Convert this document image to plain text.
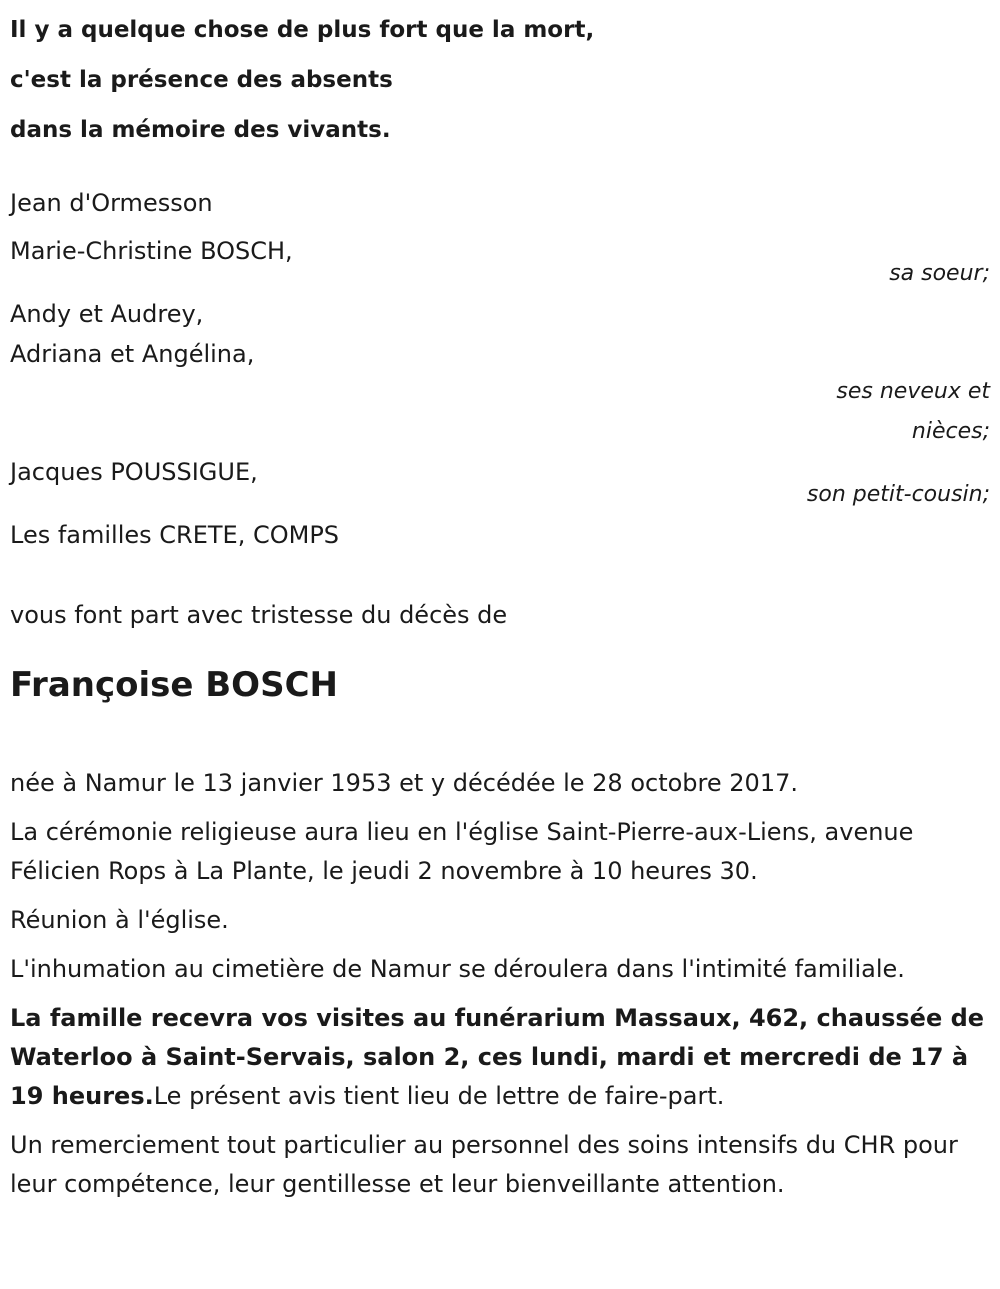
Il y a quelque chose de plus fort que la mort,
c'est la présence des absents
dans la mémoire des vivants.
Jean d'Ormesson
Marie-Christine BOSCH,
sa soeur;
Andy et Audrey,
Adriana et Angélina,
ses neveux et
nièces;
Jacques POUSSIGUE,
son petit-cousin;
Les familles CRETE, COMPS
vous font part avec tristesse du décès de
Françoise BOSCH
née à Namur le 13 janvier 1953 et y décédée le 28 octobre 2017.
La cérémonie religieuse aura lieu en l'église Saint-Pierre-aux-Liens, avenue Félicien Rops à La Plante, le jeudi 2 novembre à 10 heures 30.
Réunion à l'église.
L'inhumation au cimetière de Namur se déroulera dans l'intimité familiale.
La famille recevra vos visites au funérarium Massaux, 462, chaussée de Waterloo à Saint-Servais, salon 2, ces lundi, mardi et mercredi de 17 à 19 heures.Le présent avis tient lieu de lettre de faire-part.
Un remerciement tout particulier au personnel des soins intensifs du CHR pour leur compétence, leur gentillesse et leur bienveillante attention.
